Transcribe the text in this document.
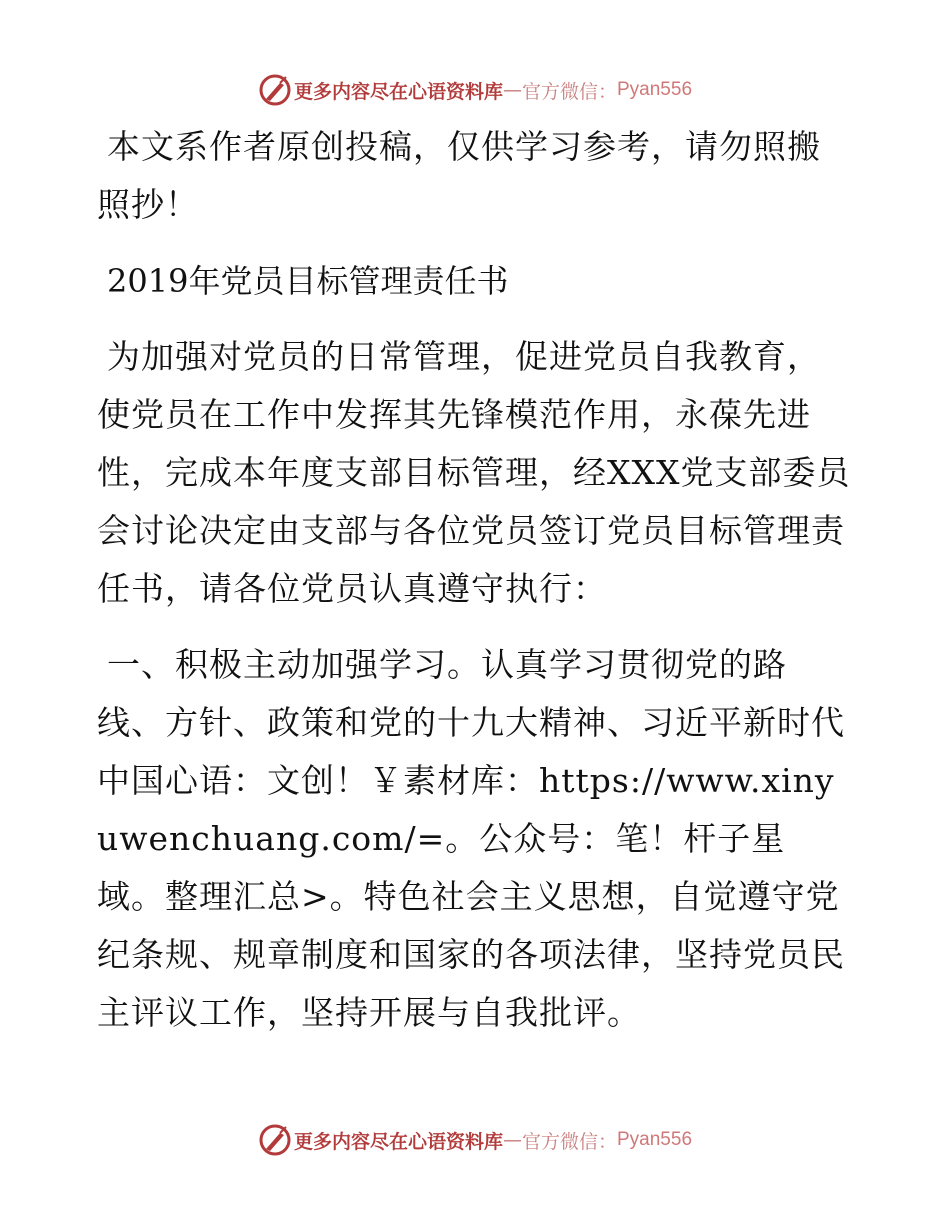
更多内容尽在心语资料库 — 官方微信： Pyan556

本文系作者原创投稿，仅供学习参考，请勿照搬照抄！

2019年党员目标管理责任书

为加强对党员的日常管理，促进党员自我教育，使党员在工作中发挥其先锋模范作用，永葆先进性，完成本年度支部目标管理，经XXX党支部委员会讨论决定由支部与各位党员签订党员目标管理责任书，请各位党员认真遵守执行：

一、积极主动加强学习。认真学习贯彻党的路线、方针、政策和党的十九大精神、习近平新时代中国心语：文创！￥素材库：https://www.xinyuwenchuang.com/=。公众号：笔！杆子星域。整理汇总>。特色社会主义思想，自觉遵守党纪条规、规章制度和国家的各项法律，坚持党员民主评议工作，坚持开展与自我批评。

更多内容尽在心语资料库 — 官方微信： Pyan556
